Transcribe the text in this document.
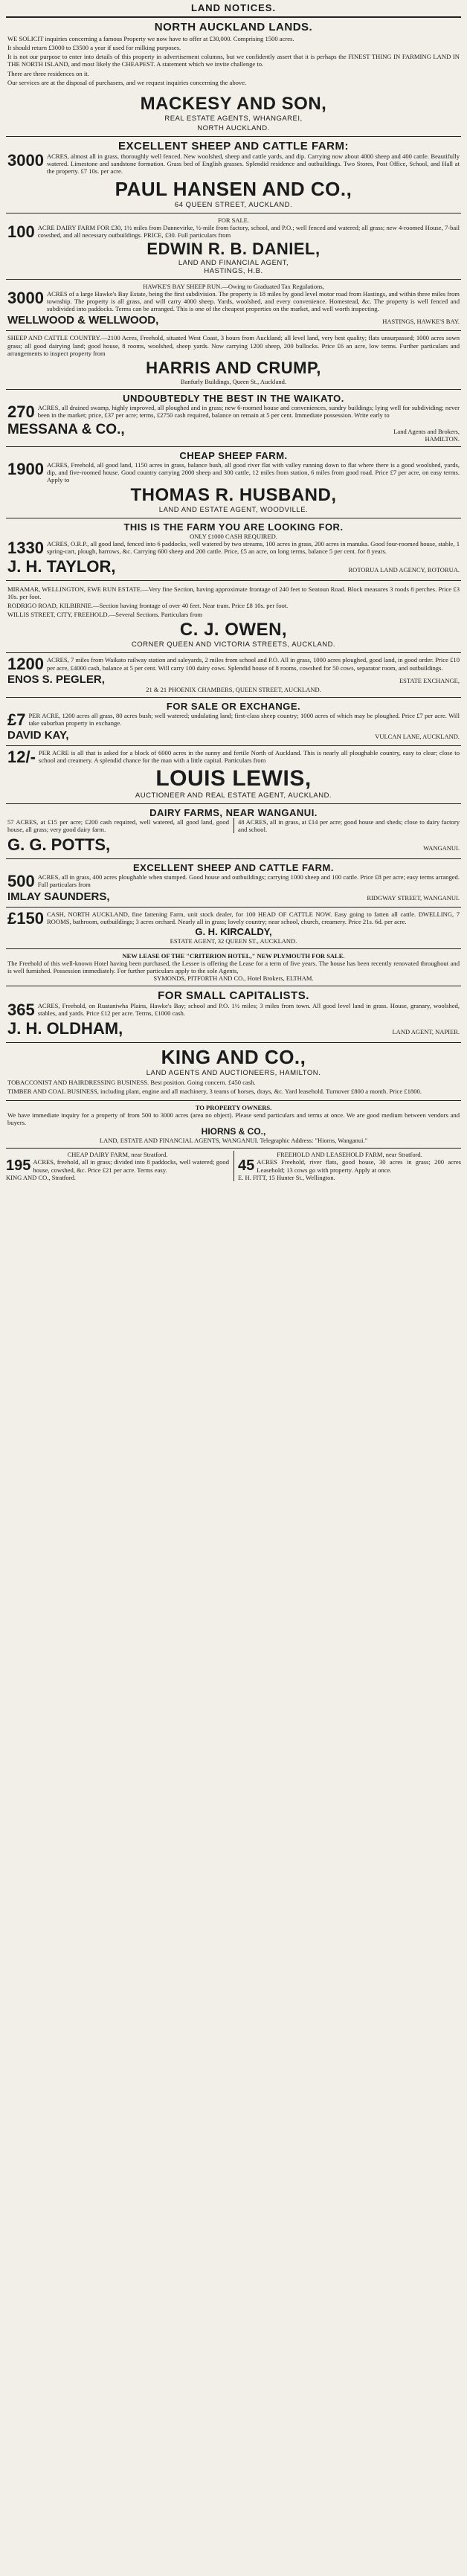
LAND NOTICES.
NORTH AUCKLAND LANDS.

WE SOLICIT inquiries concerning a famous Property we now have to offer at £30,000. Comprising 1500 acres.

It should return £3000 to £3500 a year if used for milking purposes.

It is not our purpose to enter into details of this property in advertisement columns, but we confidently assert that it is perhaps the FINEST THING IN FARMING LAND IN THE NORTH ISLAND, and most likely the CHEAPEST. A statement which we invite challenge to.

There are three residences on it.

Our services are at the disposal of purchasers, and we request inquiries concerning the above.

MACKESY AND SON,
REAL ESTATE AGENTS, WHANGAREI,
NORTH AUCKLAND.
EXCELLENT SHEEP AND CATTLE FARM:
3000 ACRES, almost all in grass, thoroughly well fenced. New woolshed, sheep and cattle yards, and dip. Carrying now about 4000 sheep and 400 cattle. Beautifully watered. Limestone and sandstone formation. Grass bed of English grasses. Splendid residence and outbuildings. Two Stores, Post Office, School, and Hall at the property. £7 10s. per acre.
PAUL HANSEN AND CO.,
64 QUEEN STREET, AUCKLAND.
FOR SALE.
100 ACRE DAIRY FARM FOR £30, 1½ miles from Dannevirke, ½-mile from factory, school, and P.O.; well fenced and watered; all grass; new 4-roomed House, 7-bail cowshed, and all necessary outbuildings. PRICE, £30. Full particulars from
EDWIN R. B. DANIEL,
LAND AND FINANCIAL AGENT,
HASTINGS, H.B.
HAWKE'S BAY SHEEP RUN.—Owing to Graduated Tax Regulations,
3000 ACRES of a large Hawke's Bay Estate, being the first subdivision. The property is 18 miles by good level motor road from Hastings, and within three miles from township. The property is all grass, and will carry 4000 sheep. Yards, woolshed, and every convenience. Homestead, &c. The property is well fenced and subdivided into paddocks. Terms can be arranged. This is one of the cheapest properties on the market, and well worth inspecting.
WELLWOOD & WELLWOOD,	HASTINGS, HAWKE'S BAY.
SHEEP AND CATTLE COUNTRY.—2100 Acres, Freehold, situated West Coast, 3 hours from Auckland; all level land, very best quality; flats unsurpassed; 1000 acres sown grass; all good dairying land; good house, 8 rooms, woolshed, sheep yards. Now carrying 1200 sheep, 200 bullocks. Price £6 an acre, low terms. Further particulars and arrangements to inspect property from
HARRIS AND CRUMP,
Banfurly Buildings, Queen St., Auckland.
UNDOUBTEDLY THE BEST IN THE WAIKATO.
270 ACRES, all drained swamp, highly improved, all ploughed and in grass; new 6-roomed house and conveniences, sundry buildings; lying well for subdividing; never been in the market; price, £37 per acre; terms, £2750 cash required, balance on remain at 5 per cent. Immediate possession. Write early to
MESSANA & CO.,	Land Agents and Brokers,
HAMILTON.
CHEAP SHEEP FARM.
1900 ACRES, Freehold, all good land, 1150 acres in grass, balance bush, all good river flat with valley running down to flat where there is a good woolshed, yards, dip, and five-roomed house. Good country carrying 2000 sheep and 300 cattle, 12 miles from station, 6 miles from good road. Price £7 per acre, on easy terms. Apply to
THOMAS R. HUSBAND,
LAND AND ESTATE AGENT, WOODVILLE.
THIS IS THE FARM YOU ARE LOOKING FOR.
ONLY £1000 CASH REQUIRED.
1330 ACRES, O.R.P., all good land, fenced into 6 paddocks, well watered by two streams, 100 acres in grass, 200 acres in manuka. Good four-roomed house, stable, 1 spring-cart, plough, harrows, &c. Carrying 600 sheep and 200 cattle. Price, £5 an acre, on long terms, balance 5 per cent. for 8 years.
J. H. TAYLOR,	ROTORUA LAND AGENCY, ROTORUA.

MIRAMAR, WELLINGTON, EWE RUN ESTATE.—Very fine Section, having approximate frontage of 240 feet to Seatoun Road. Block measures 3 roods 8 perches. Price £3 10s. per foot.

RODRIGO ROAD, KILBIRNIE.—Section having frontage of over 40 feet. Near tram. Price £8 10s. per foot.

WILLIS STREET, CITY, FREEHOLD.—Several Sections. Particulars from

C. J. OWEN,
CORNER QUEEN AND VICTORIA STREETS, AUCKLAND.
1200 ACRES, 7 miles from Waikato railway station and saleyards, 2 miles from school and P.O. All in grass, 1000 acres ploughed, good land, in good order. Price £10 per acre, £4000 cash, balance at 5 per cent. Will carry 100 dairy cows. Splendid house of 8 rooms, cowshed for 50 cows, separator room, and outbuildings.
ENOS S. PEGLER,	ESTATE EXCHANGE,
21 & 21 PHOENIX CHAMBERS, QUEEN STREET, AUCKLAND.
FOR SALE OR EXCHANGE.
£7 PER ACRE, 1200 acres all grass, 80 acres bush; well watered; undulating land; first-class sheep country; 1000 acres of which may be ploughed. Price £7 per acre. Will take suburban property in exchange.
DAVID KAY,	VULCAN LANE, AUCKLAND.
12/- PER ACRE is all that is asked for a block of 6000 acres in the sunny and fertile North of Auckland. This is nearly all ploughable country, easy to clear; close to school and creamery. A splendid chance for the man with a little capital. Particulars from
LOUIS LEWIS,
AUCTIONEER AND REAL ESTATE AGENT, AUCKLAND.
DAIRY FARMS, NEAR WANGANUI.
57 ACRES, at £15 per acre; £200 cash required, well watered, all good land, good house, all grass; very good dairy farm.
48 ACRES, all in grass, at £14 per acre; good house and sheds; close to dairy factory and school.
G. G. POTTS,	WANGANUI.
EXCELLENT SHEEP AND CATTLE FARM.
500 ACRES, all in grass, 400 acres ploughable when stumped. Good house and outbuildings; carrying 1000 sheep and 100 cattle. Price £8 per acre; easy terms arranged. Full particulars from
IMLAY SAUNDERS,	RIDGWAY STREET, WANGANUI.
£150 CASH, NORTH AUCKLAND, fine fattening Farm, unit stock dealer, for 100 HEAD OF CATTLE NOW. Easy going to fatten all cattle. DWELLING, 7 ROOMS, bathroom, outbuildings; 3 acres orchard. Nearly all in grass; lovely country; near school, church, creamery. Price 21s. 6d. per acre.
G. H. KIRCALDY,
ESTATE AGENT, 32 QUEEN ST., AUCKLAND.
NEW LEASE OF THE "CRITERION HOTEL," NEW PLYMOUTH FOR SALE.
The Freehold of this well-known Hotel having been purchased, the Lessee is offering the Lease for a term of five years. The house has been recently renovated throughout and is well furnished. Possession immediately. For further particulars apply to the sole Agents,
SYMONDS, PITFORTH AND CO., Hotel Brokers, ELTHAM.
FOR SMALL CAPITALISTS.
365 ACRES, Freehold, on Ruataniwha Plains, Hawke's Bay; school and P.O. 1½ miles; 3 miles from town. All good level land in grass. House, granary, woolshed, stables, and yards. Price £12 per acre. Terms, £1000 cash.
J. H. OLDHAM,	LAND AGENT, NAPIER.
KING AND CO.,
LAND AGENTS AND AUCTIONEERS, HAMILTON.

TOBACCONIST AND HAIRDRESSING BUSINESS. Best position. Going concern. £450 cash.

TIMBER AND COAL BUSINESS, including plant, engine and all machinery, 3 teams of horses, drays, &c. Yard leasehold. Turnover £800 a month. Price £1800.

TO PROPERTY OWNERS.
We have immediate inquiry for a property of from 500 to 3000 acres (area no object). Please send particulars and terms at once. We are good medium between vendors and buyers.
HIORNS & CO.,
LAND, ESTATE AND FINANCIAL AGENTS, WANGANUI. Telegraphic Address: "Hiorns, Wanganui."
CHEAP DAIRY FARM, near Stratford.
195 ACRES, freehold, all in grass; divided into 8 paddocks, well watered; good house, cowshed, &c. Price £21 per acre. Terms easy.
KING AND CO., Stratford.
FREEHOLD AND LEASEHOLD FARM, near Stratford.
45 ACRES Freehold, river flats, good house, 30 acres in grass; 200 acres Leasehold; 13 cows go with property. Apply at once.
E. H. FITT, 15 Hunter St., Wellington.
